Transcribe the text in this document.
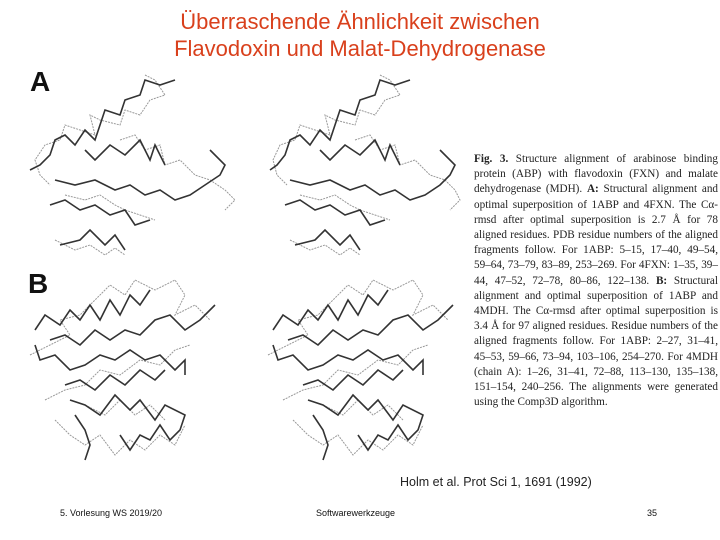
Überraschende Ähnlichkeit zwischen
Flavodoxin und Malat-Dehydrogenase
A
B
Fig. 3. Structure alignment of arabinose binding protein (ABP) with flavodoxin (FXN) and malate dehydrogenase (MDH). A: Structural alignment and optimal superposition of 1ABP and 4FXN. The Cα-rmsd after optimal superposition is 2.7 Å for 78 aligned residues. PDB residue numbers of the aligned fragments follow. For 1ABP: 5–15, 17–40, 49–54, 59–64, 73–79, 83–89, 253–269. For 4FXN: 1–35, 39–44, 47–52, 72–78, 80–86, 122–138. B: Structural alignment and optimal superposition of 1ABP and 4MDH. The Cα-rmsd after optimal superposition is 3.4 Å for 97 aligned residues. Residue numbers of the aligned fragments follow. For 1ABP: 2–27, 31–41, 45–53, 59–66, 73–94, 103–106, 254–270. For 4MDH (chain A): 1–26, 31–41, 72–88, 113–130, 135–138, 151–154, 240–256. The alignments were generated using the Comp3D algorithm.
Holm et al. Prot Sci 1, 1691 (1992)
5. Vorlesung WS 2019/20	Softwarewerkzeuge	35
